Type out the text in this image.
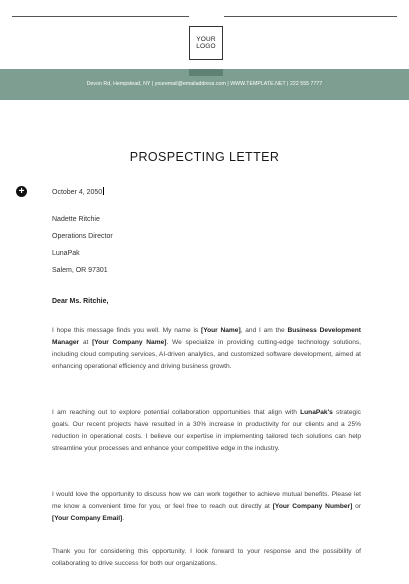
YOUR
LOGO
Devon Rd, Hempstead, NY | youremail@emailaddress.com | WWW.TEMPLATE.NET | 222 555 7777
PROSPECTING LETTER
+	October 4, 2050
Nadette Ritchie
Operations Director
LunaPak
Salem, OR 97301
Dear Ms. Ritchie,

I hope this message finds you well. My name is [Your Name], and I am the Business Development Manager at [Your Company Name]. We specialize in providing cutting-edge technology solutions, including cloud computing services, AI-driven analytics, and customized software development, aimed at enhancing operational efficiency and driving business growth.

I am reaching out to explore potential collaboration opportunities that align with LunaPak's strategic goals. Our recent projects have resulted in a 30% increase in productivity for our clients and a 25% reduction in operational costs. I believe our expertise in implementing tailored tech solutions can help streamline your processes and enhance your competitive edge in the industry.

I would love the opportunity to discuss how we can work together to achieve mutual benefits. Please let me know a convenient time for you, or feel free to reach out directly at [Your Company Number] or [Your Company Email].

Thank you for considering this opportunity. I look forward to your response and the possibility of collaborating to drive success for both our organizations.
